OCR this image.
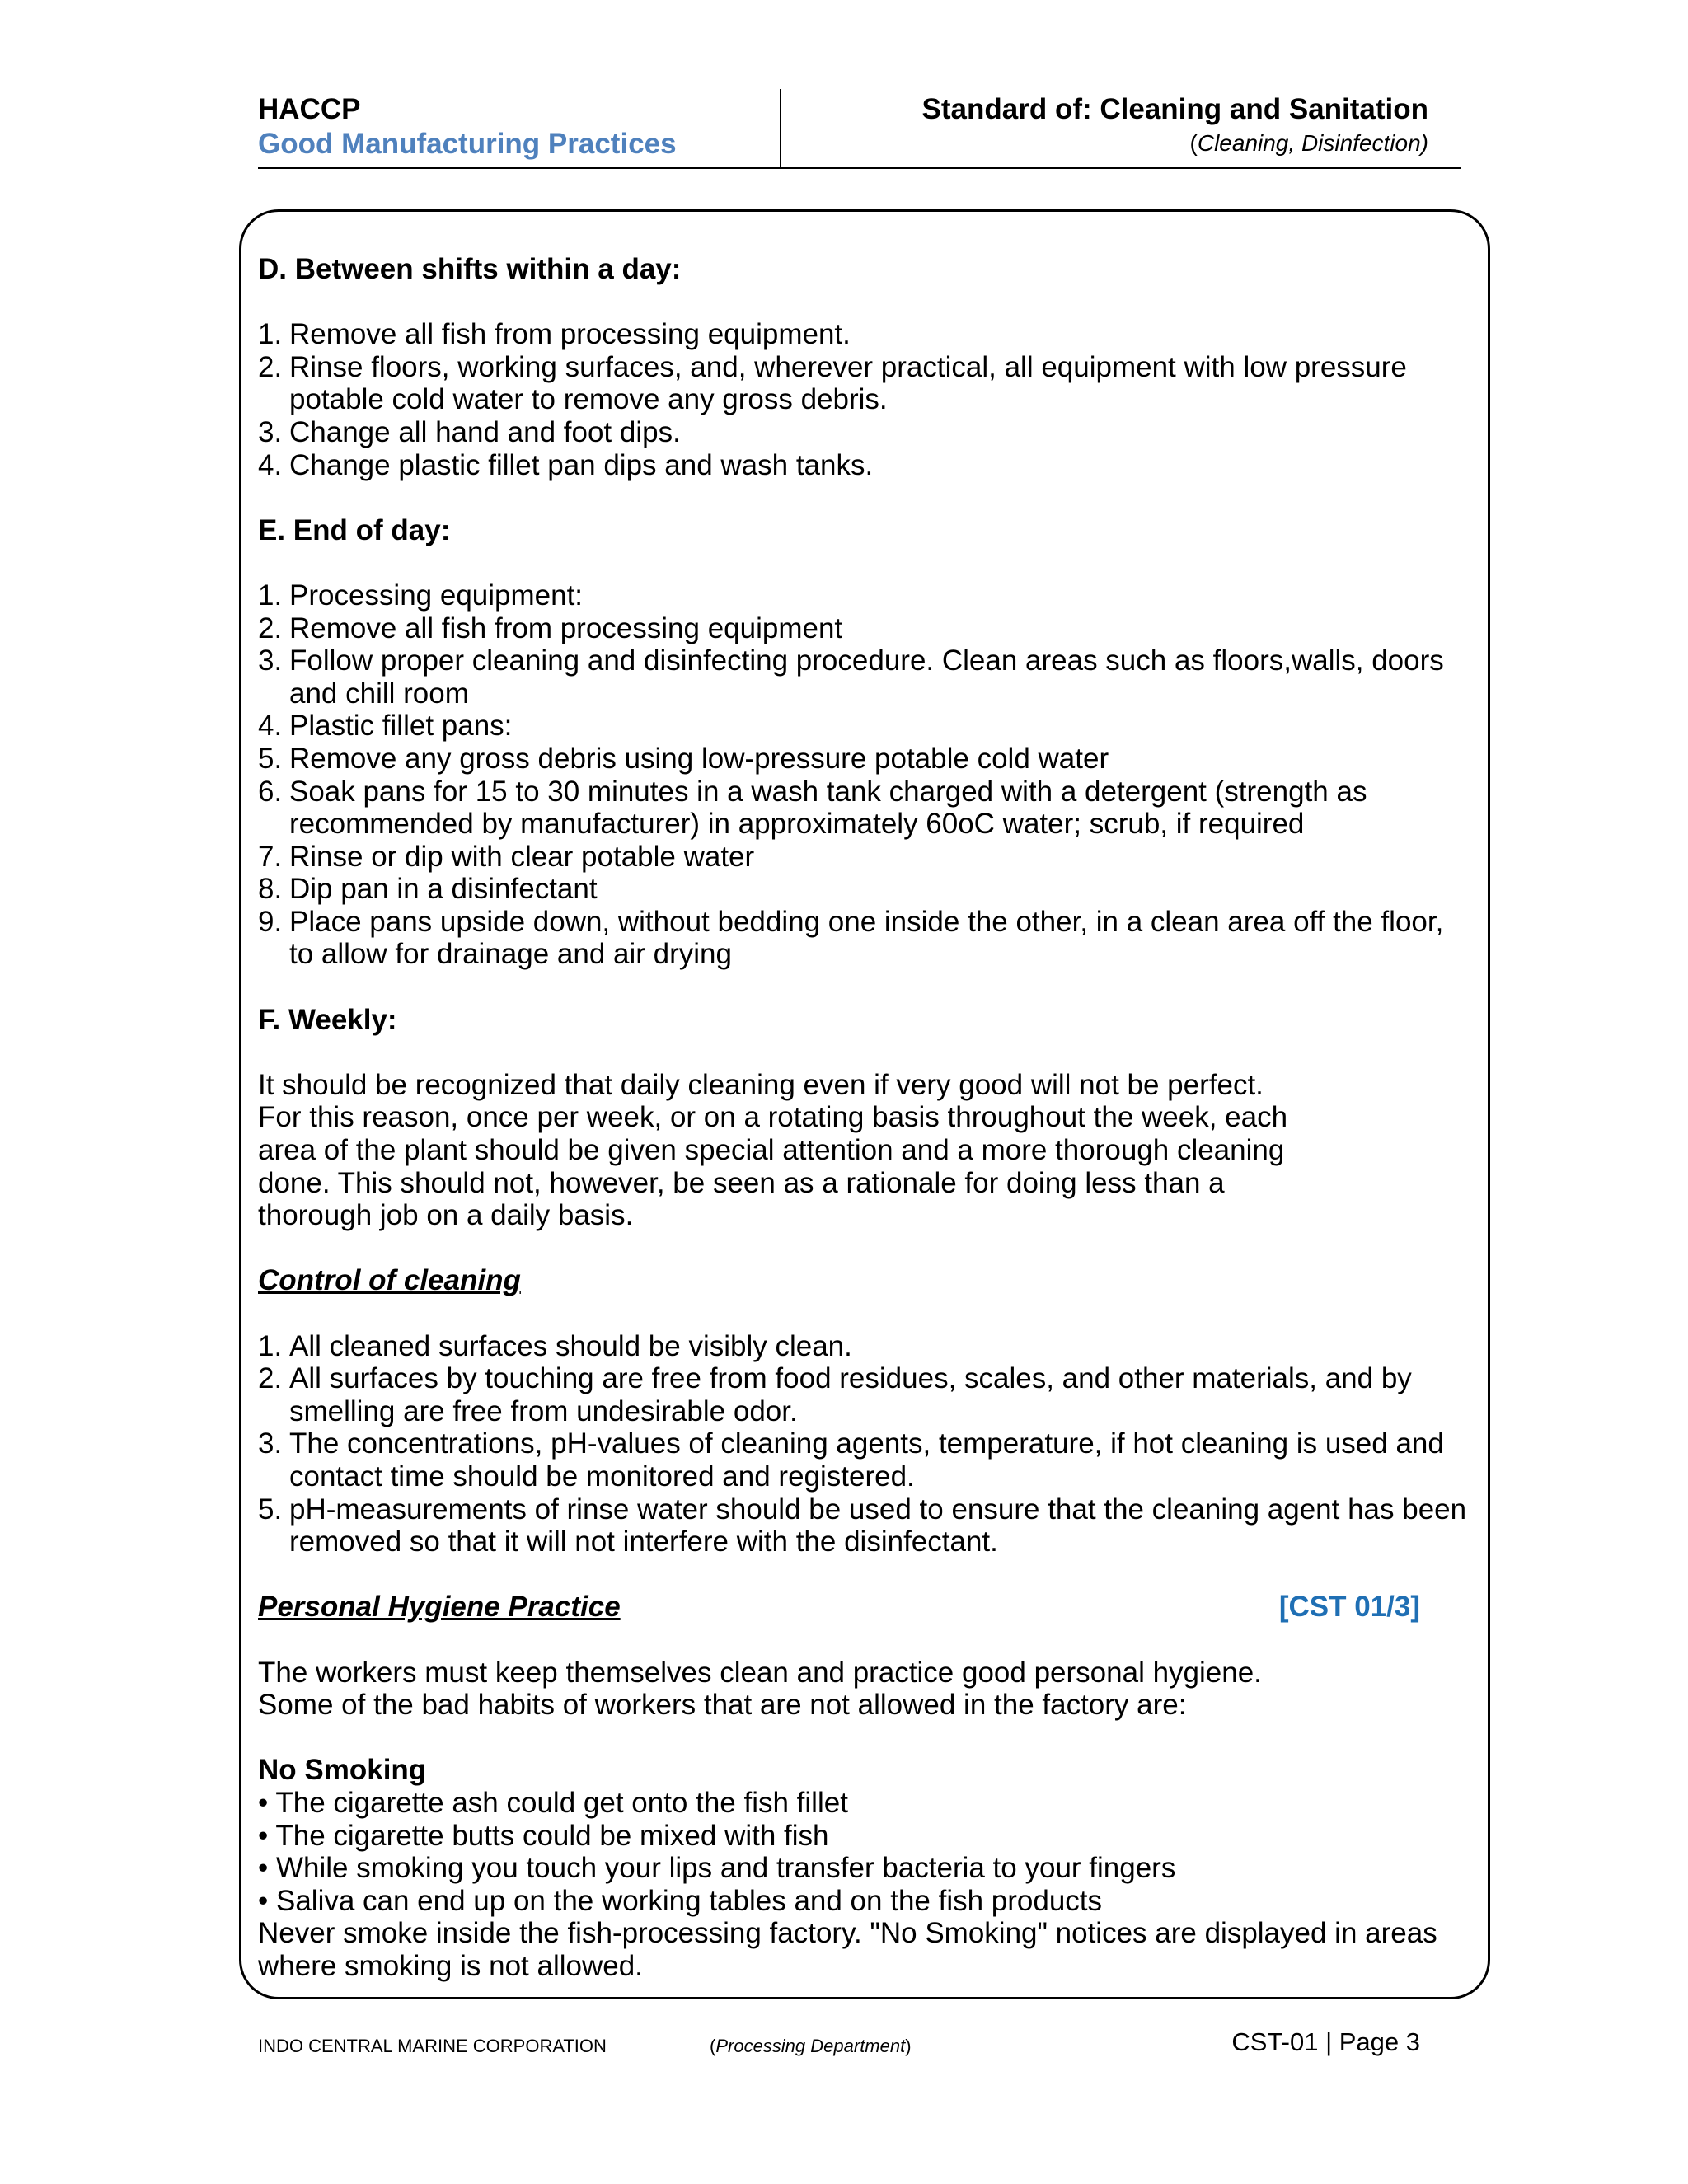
HACCP
Good Manufacturing Practices
Standard of: Cleaning and Sanitation
(Cleaning, Disinfection)
D. Between shifts within a day:
1. Remove all fish from processing equipment.
2. Rinse floors, working surfaces, and, wherever practical, all equipment with low pressure potable cold water to remove any gross debris.
3. Change all hand and foot dips.
4. Change plastic fillet pan dips and wash tanks.
E. End of day:
1. Processing equipment:
2. Remove all fish from processing equipment
3. Follow proper cleaning and disinfecting procedure. Clean areas such as floors,walls, doors and chill room
4. Plastic fillet pans:
5. Remove any gross debris using low-pressure potable cold water
6. Soak pans for 15 to 30 minutes in a wash tank charged with a detergent (strength as recommended by manufacturer) in approximately 60oC water; scrub, if required
7. Rinse or dip with clear potable water
8. Dip pan in a disinfectant
9. Place pans upside down, without bedding one inside the other, in a clean area off the floor, to allow for drainage and air drying
F. Weekly:
It should be recognized that daily cleaning even if very good will not be perfect.
For this reason, once per week, or on a rotating basis throughout the week, each
area of the plant should be given special attention and a more thorough cleaning
done. This should not, however, be seen as a rationale for doing less than a
thorough job on a daily basis.
Control of cleaning
1. All cleaned surfaces should be visibly clean.
2. All surfaces by touching are free from food residues, scales, and other materials, and by smelling are free from undesirable odor.
3. The concentrations, pH-values of cleaning agents, temperature, if hot cleaning is used and contact time should be monitored and registered.
5. pH-measurements of rinse water should be used to ensure that the cleaning agent has been removed so that it will not interfere with the disinfectant.
Personal Hygiene Practice	[CST 01/3]
The workers must keep themselves clean and practice good personal hygiene.
Some of the bad habits of workers that are not allowed in the factory are:
No Smoking
• The cigarette ash could get onto the fish fillet
• The cigarette butts could be mixed with fish
• While smoking you touch your lips and transfer bacteria to your fingers
• Saliva can end up on the working tables and on the fish products
Never smoke inside the fish-processing factory. "No Smoking" notices are displayed in areas where smoking is not allowed.
INDO CENTRAL MARINE CORPORATION	(Processing Department)	CST-01 | Page 3
